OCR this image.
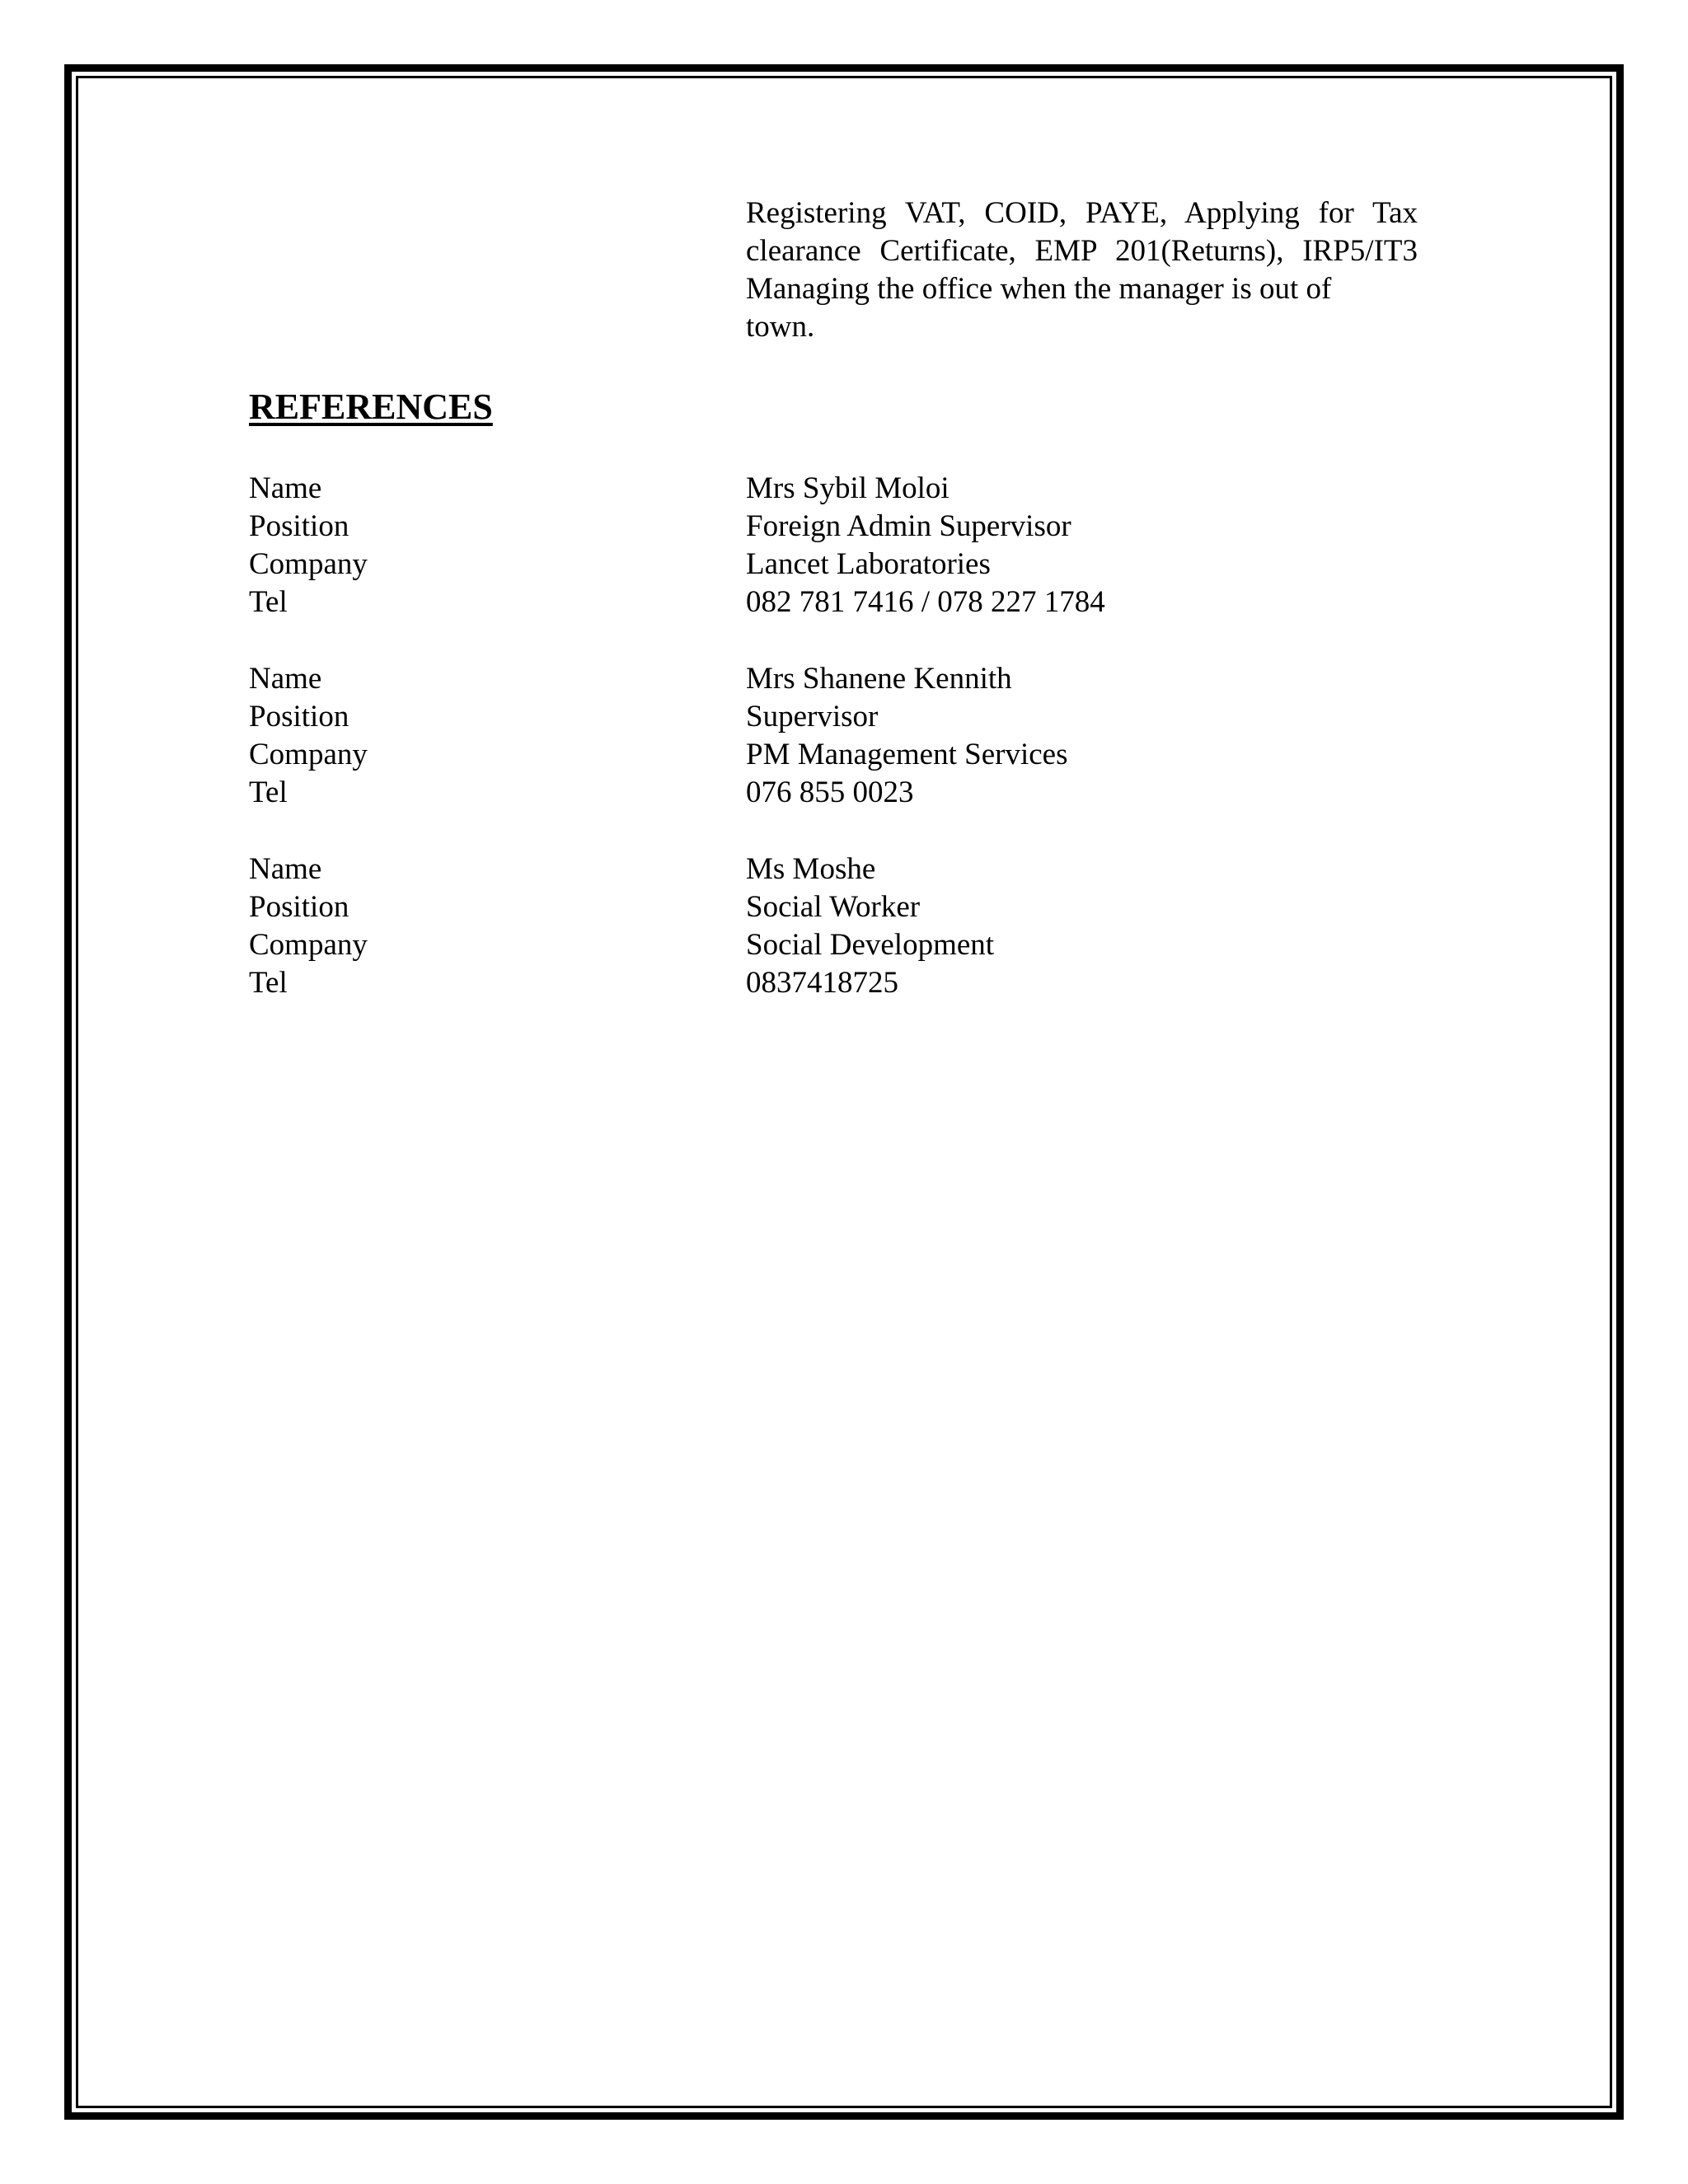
Registering VAT, COID, PAYE, Applying for Tax
clearance Certificate, EMP 201(Returns), IRP5/IT3
Managing the office when the manager is out of
town.
REFERENCES
Name	Mrs Sybil Moloi
Position	Foreign Admin Supervisor
Company	Lancet Laboratories
Tel	082 781 7416 / 078 227 1784
Name	Mrs Shanene Kennith
Position	Supervisor
Company	PM Management Services
Tel	076 855 0023
Name	Ms Moshe
Position	Social Worker
Company	Social Development
Tel	0837418725
